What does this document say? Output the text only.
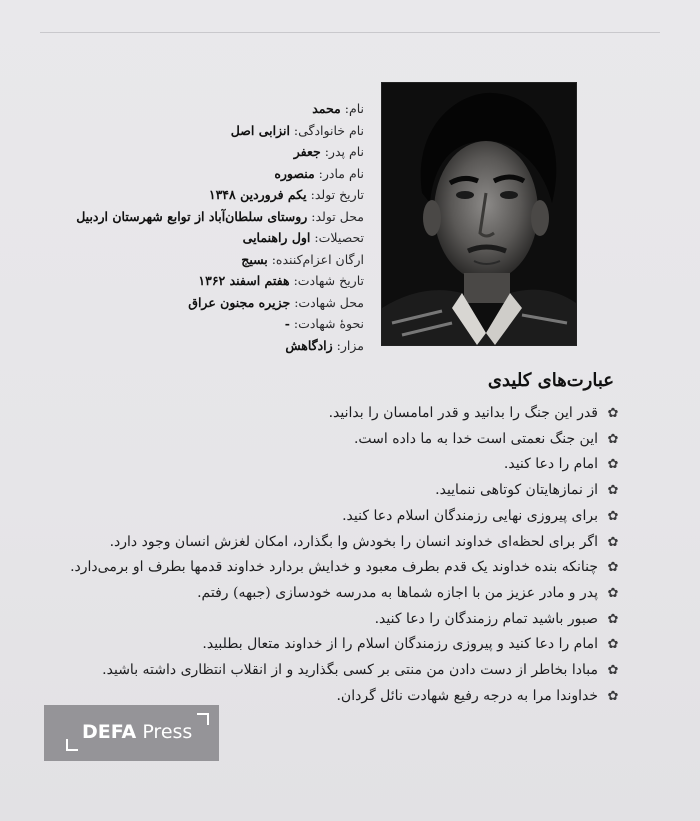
نام: محمد
نام خانوادگی: انزابی اصل
نام پدر: جعفر
نام مادر: منصوره
تاریخ تولد: یکم فروردین ۱۳۴۸
محل تولد: روستای سلطان‌آباد از توابع شهرستان اردبیل
تحصیلات: اول راهنمایی
ارگان اعزام‌کننده: بسیج
تاریخ شهادت: هفتم اسفند ۱۳۶۲
محل شهادت: جزیره مجنون عراق
نحوهٔ شهادت: -
مزار: زادگاهش
عبارت‌های کلیدی
✿
قدر این جنگ را بدانید و قدر امامسان را بدانید.
✿
این جنگ نعمتی است خدا به ما داده است.
✿
امام را دعا کنید.
✿
از نمازهایتان کوتاهی ننمایید.
✿
برای پیروزی نهایی رزمندگان اسلام دعا کنید.
✿
اگر برای لحظه‌ای خداوند انسان را بخودش وا بگذارد، امکان لغزش انسان وجود دارد.
✿
چنانکه بنده خداوند یک قدم بطرف معبود و خدایش بردارد خداوند قدمها بطرف او برمی‌دارد.
✿
پدر و مادر عزیز من با اجازه شماها به مدرسه خودسازی (جبهه) رفتم.
✿
صبور باشید تمام رزمندگان را دعا کنید.
✿
امام را دعا کنید و پیروزی رزمندگان اسلام را از خداوند متعال بطلبید.
✿
مبادا بخاطر از دست دادن من منتی بر کسی بگذارید و از انقلاب انتظاری داشته باشید.
✿
خداوندا مرا به درجه رفیع شهادت نائل گردان.
DEFA Press
